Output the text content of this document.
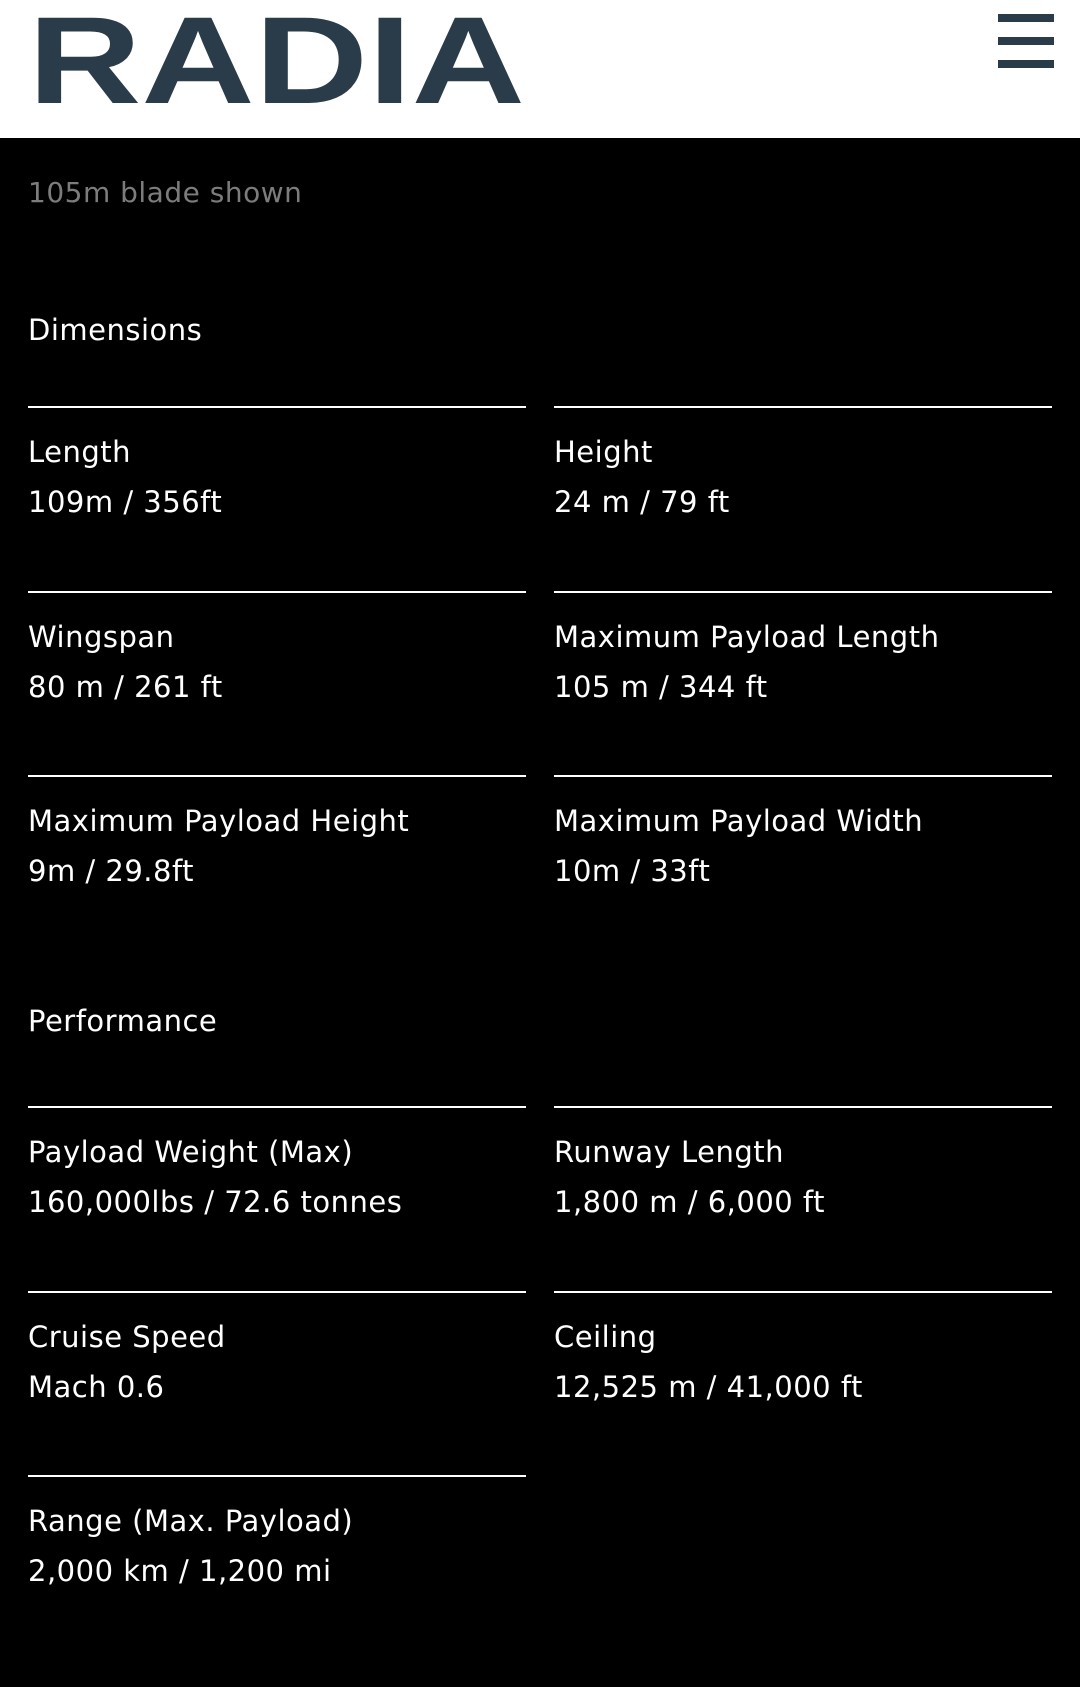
RADIA
105m blade shown
Dimensions
Length
109m / 356ft
Height
24 m / 79 ft
Wingspan
80 m / 261 ft
Maximum Payload Length
105 m / 344 ft
Maximum Payload Height
9m / 29.8ft
Maximum Payload Width
10m / 33ft
Performance
Payload Weight (Max)
160,000lbs / 72.6 tonnes
Runway Length
1,800 m / 6,000 ft
Cruise Speed
Mach 0.6
Ceiling
12,525 m / 41,000 ft
Range (Max. Payload)
2,000 km / 1,200 mi
